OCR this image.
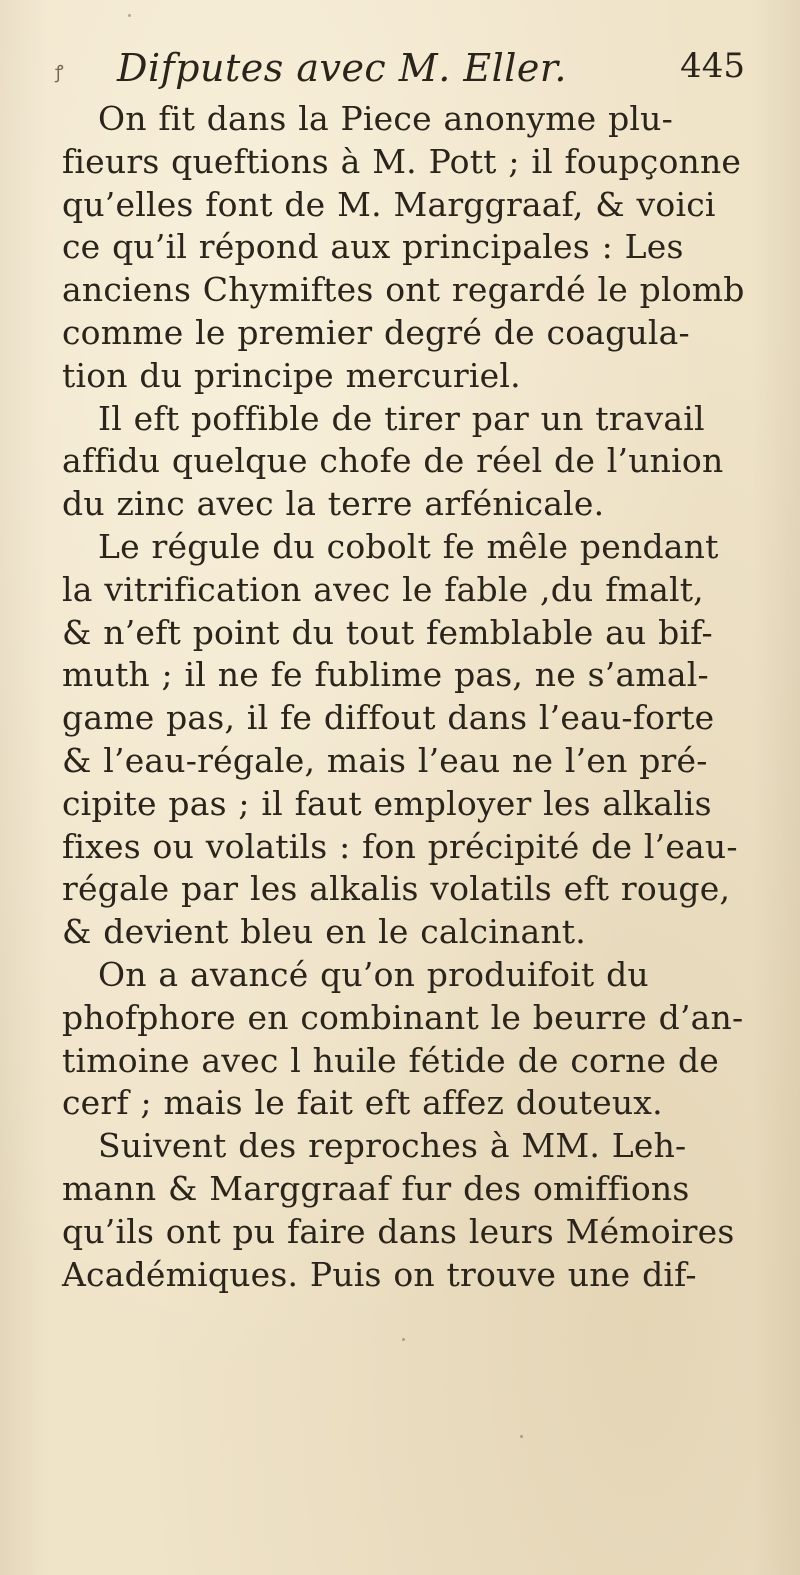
ꝭ Difputes avec M. Eller.	445
On fit dans la Piece anonyme plu-
fieurs queftions à M. Pott ; il foupçonne
qu’elles font de M. Marggraaf, & voici
ce qu’il répond aux principales : Les
anciens Chymiftes ont regardé le plomb
comme le premier degré de coagula-
tion du principe mercuriel.
Il eft poffible de tirer par un travail
affidu quelque chofe de réel de l’union
du zinc avec la terre arfénicale.
Le régule du cobolt fe mêle pendant
la vitrification avec le fable ,du fmalt,
& n’eft point du tout femblable au bif-
muth ; il ne fe fublime pas, ne s’amal-
game pas, il fe diffout dans l’eau-forte
& l’eau-régale, mais l’eau ne l’en pré-
cipite pas ; il faut employer les alkalis
fixes ou volatils : fon précipité de l’eau-
régale par les alkalis volatils eft rouge,
& devient bleu en le calcinant.
On a avancé qu’on produifoit du
phofphore en combinant le beurre d’an-
timoine avec l huile fétide de corne de
cerf ; mais le fait eft affez douteux.
Suivent des reproches à MM. Leh-
mann & Marggraaf fur des omiffions
qu’ils ont pu faire dans leurs Mémoires
Académiques. Puis on trouve une dif-
